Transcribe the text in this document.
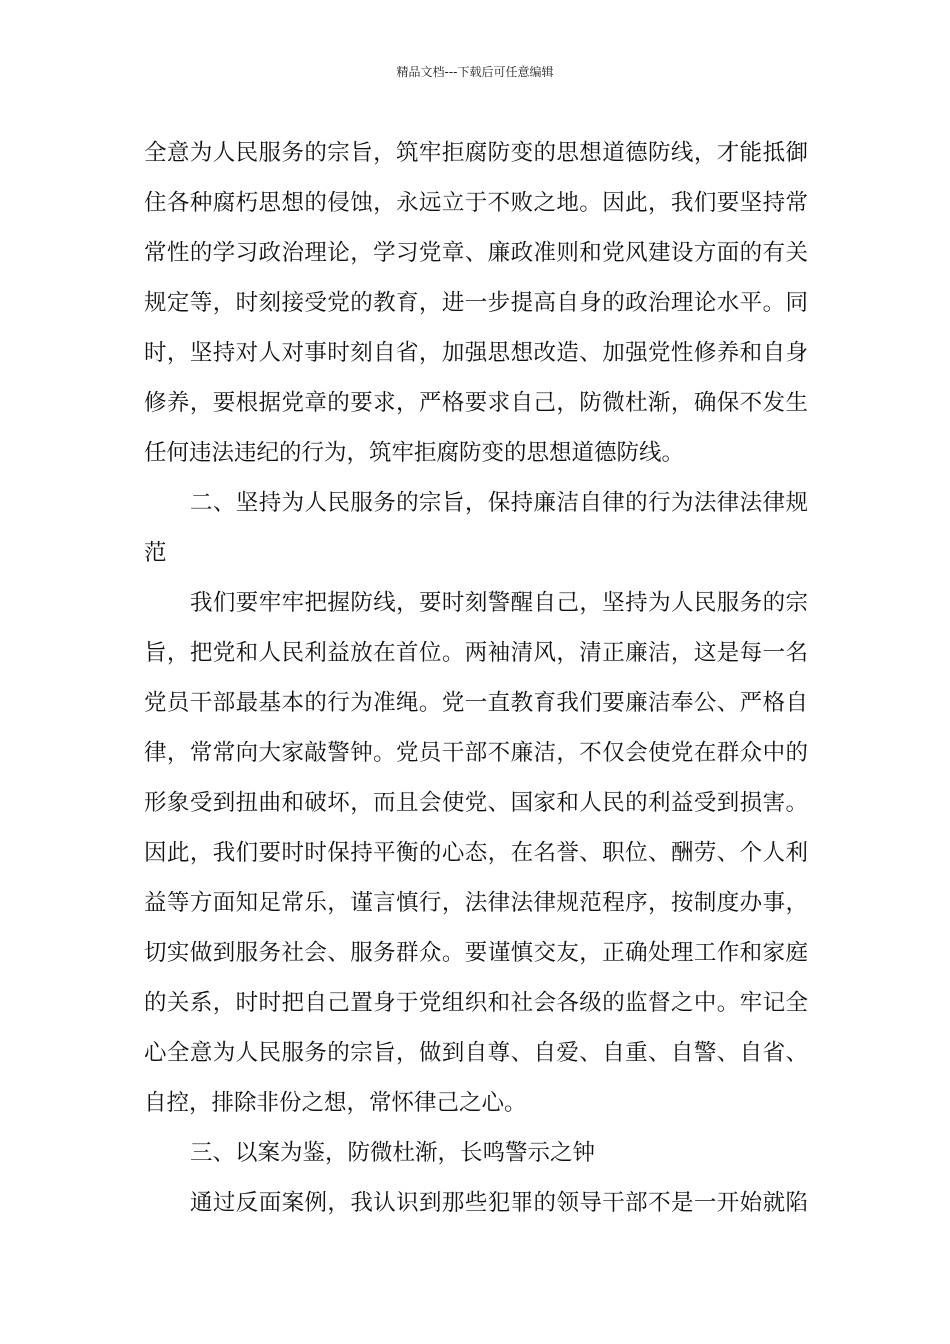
精品文档---下载后可任意编辑
全意为人民服务的宗旨，筑牢拒腐防变的思想道德防线，才能抵御
住各种腐朽思想的侵蚀，永远立于不败之地。因此，我们要坚持常
常性的学习政治理论，学习党章、廉政准则和党风建设方面的有关
规定等，时刻接受党的教育，进一步提高自身的政治理论水平。同
时，坚持对人对事时刻自省，加强思想改造、加强党性修养和自身
修养，要根据党章的要求，严格要求自己，防微杜渐，确保不发生
任何违法违纪的行为，筑牢拒腐防变的思想道德防线。
二、坚持为人民服务的宗旨，保持廉洁自律的行为法律法律规
范
我们要牢牢把握防线，要时刻警醒自己，坚持为人民服务的宗
旨，把党和人民利益放在首位。两袖清风，清正廉洁，这是每一名
党员干部最基本的行为准绳。党一直教育我们要廉洁奉公、严格自
律，常常向大家敲警钟。党员干部不廉洁，不仅会使党在群众中的
形象受到扭曲和破坏，而且会使党、国家和人民的利益受到损害。
因此，我们要时时保持平衡的心态，在名誉、职位、酬劳、个人利
益等方面知足常乐，谨言慎行，法律法律规范程序，按制度办事，
切实做到服务社会、服务群众。要谨慎交友，正确处理工作和家庭
的关系，时时把自己置身于党组织和社会各级的监督之中。牢记全
心全意为人民服务的宗旨，做到自尊、自爱、自重、自警、自省、
自控，排除非份之想，常怀律己之心。
三、以案为鉴，防微杜渐，长鸣警示之钟
通过反面案例，我认识到那些犯罪的领导干部不是一开始就陷
